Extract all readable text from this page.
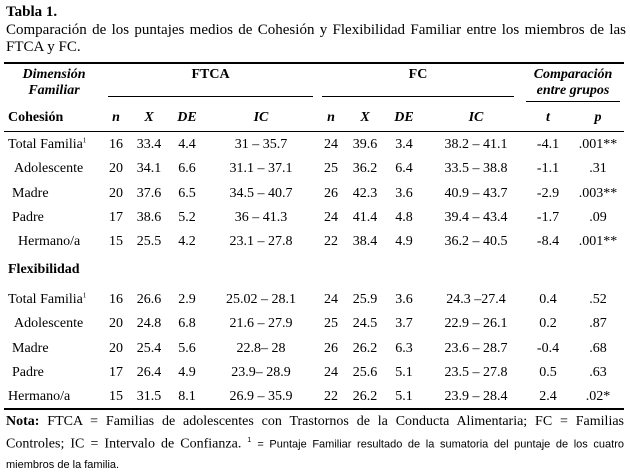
Tabla 1.
Comparación de los puntajes medios de Cohesión y Flexibilidad Familiar entre los miembros de las FTCA y FC.
Dimensión
Familiar
FTCA	FC	Comparación
entre grupos
n	X	DE	IC	n	X	DE	IC	t	p
Cohesión
Total Familia$^1$	16 33.4	4.4	31 – 35.7	24	39.6	3.4	38.2 – 41.1	-4.1	.001**
Adolescente	20 34.1	6.6	31.1 – 37.1	25	36.2	6.4	33.5 – 38.8	-1.1	.31
Madre	20 37.6	6.5	34.5 – 40.7	26	42.3	3.6	40.9 – 43.7	-2.9	.003**
Padre	17 38.6	5.2	36 – 41.3	24	41.4	4.8	39.4 – 43.4	-1.7	.09
Hermano/a	15 25.5	4.2	23.1 – 27.8	22	38.4	4.9	36.2 – 40.5	-8.4	.001**
Flexibilidad
Total Familia$^1$	16 26.6	2.9	25.02 – 28.1	24	25.9	3.6	24.3 –27.4	0.4	.52
Adolescente	20 24.8	6.8	21.6 – 27.9	25	24.5	3.7	22.9 – 26.1	0.2	.87
Madre	20 25.4	5.6	22.8– 28	26	26.2	6.3	23.6 – 28.7	-0.4	.68
Padre	17 26.4	4.9	23.9– 28.9	24	25.6	5.1	23.5 – 27.8	0.5	.63
Hermano/a	15 31.5	8.1	26.9 – 35.9	22	26.2	5.1	23.9 – 28.4	2.4	.02*
Nota: FTCA = Familias de adolescentes con Trastornos de la Conducta Alimentaria; FC = Familias Controles; IC = Intervalo de Confianza. $^1$ = Puntaje Familiar resultado de la sumatoria del puntaje de los cuatro miembros de la familia.
